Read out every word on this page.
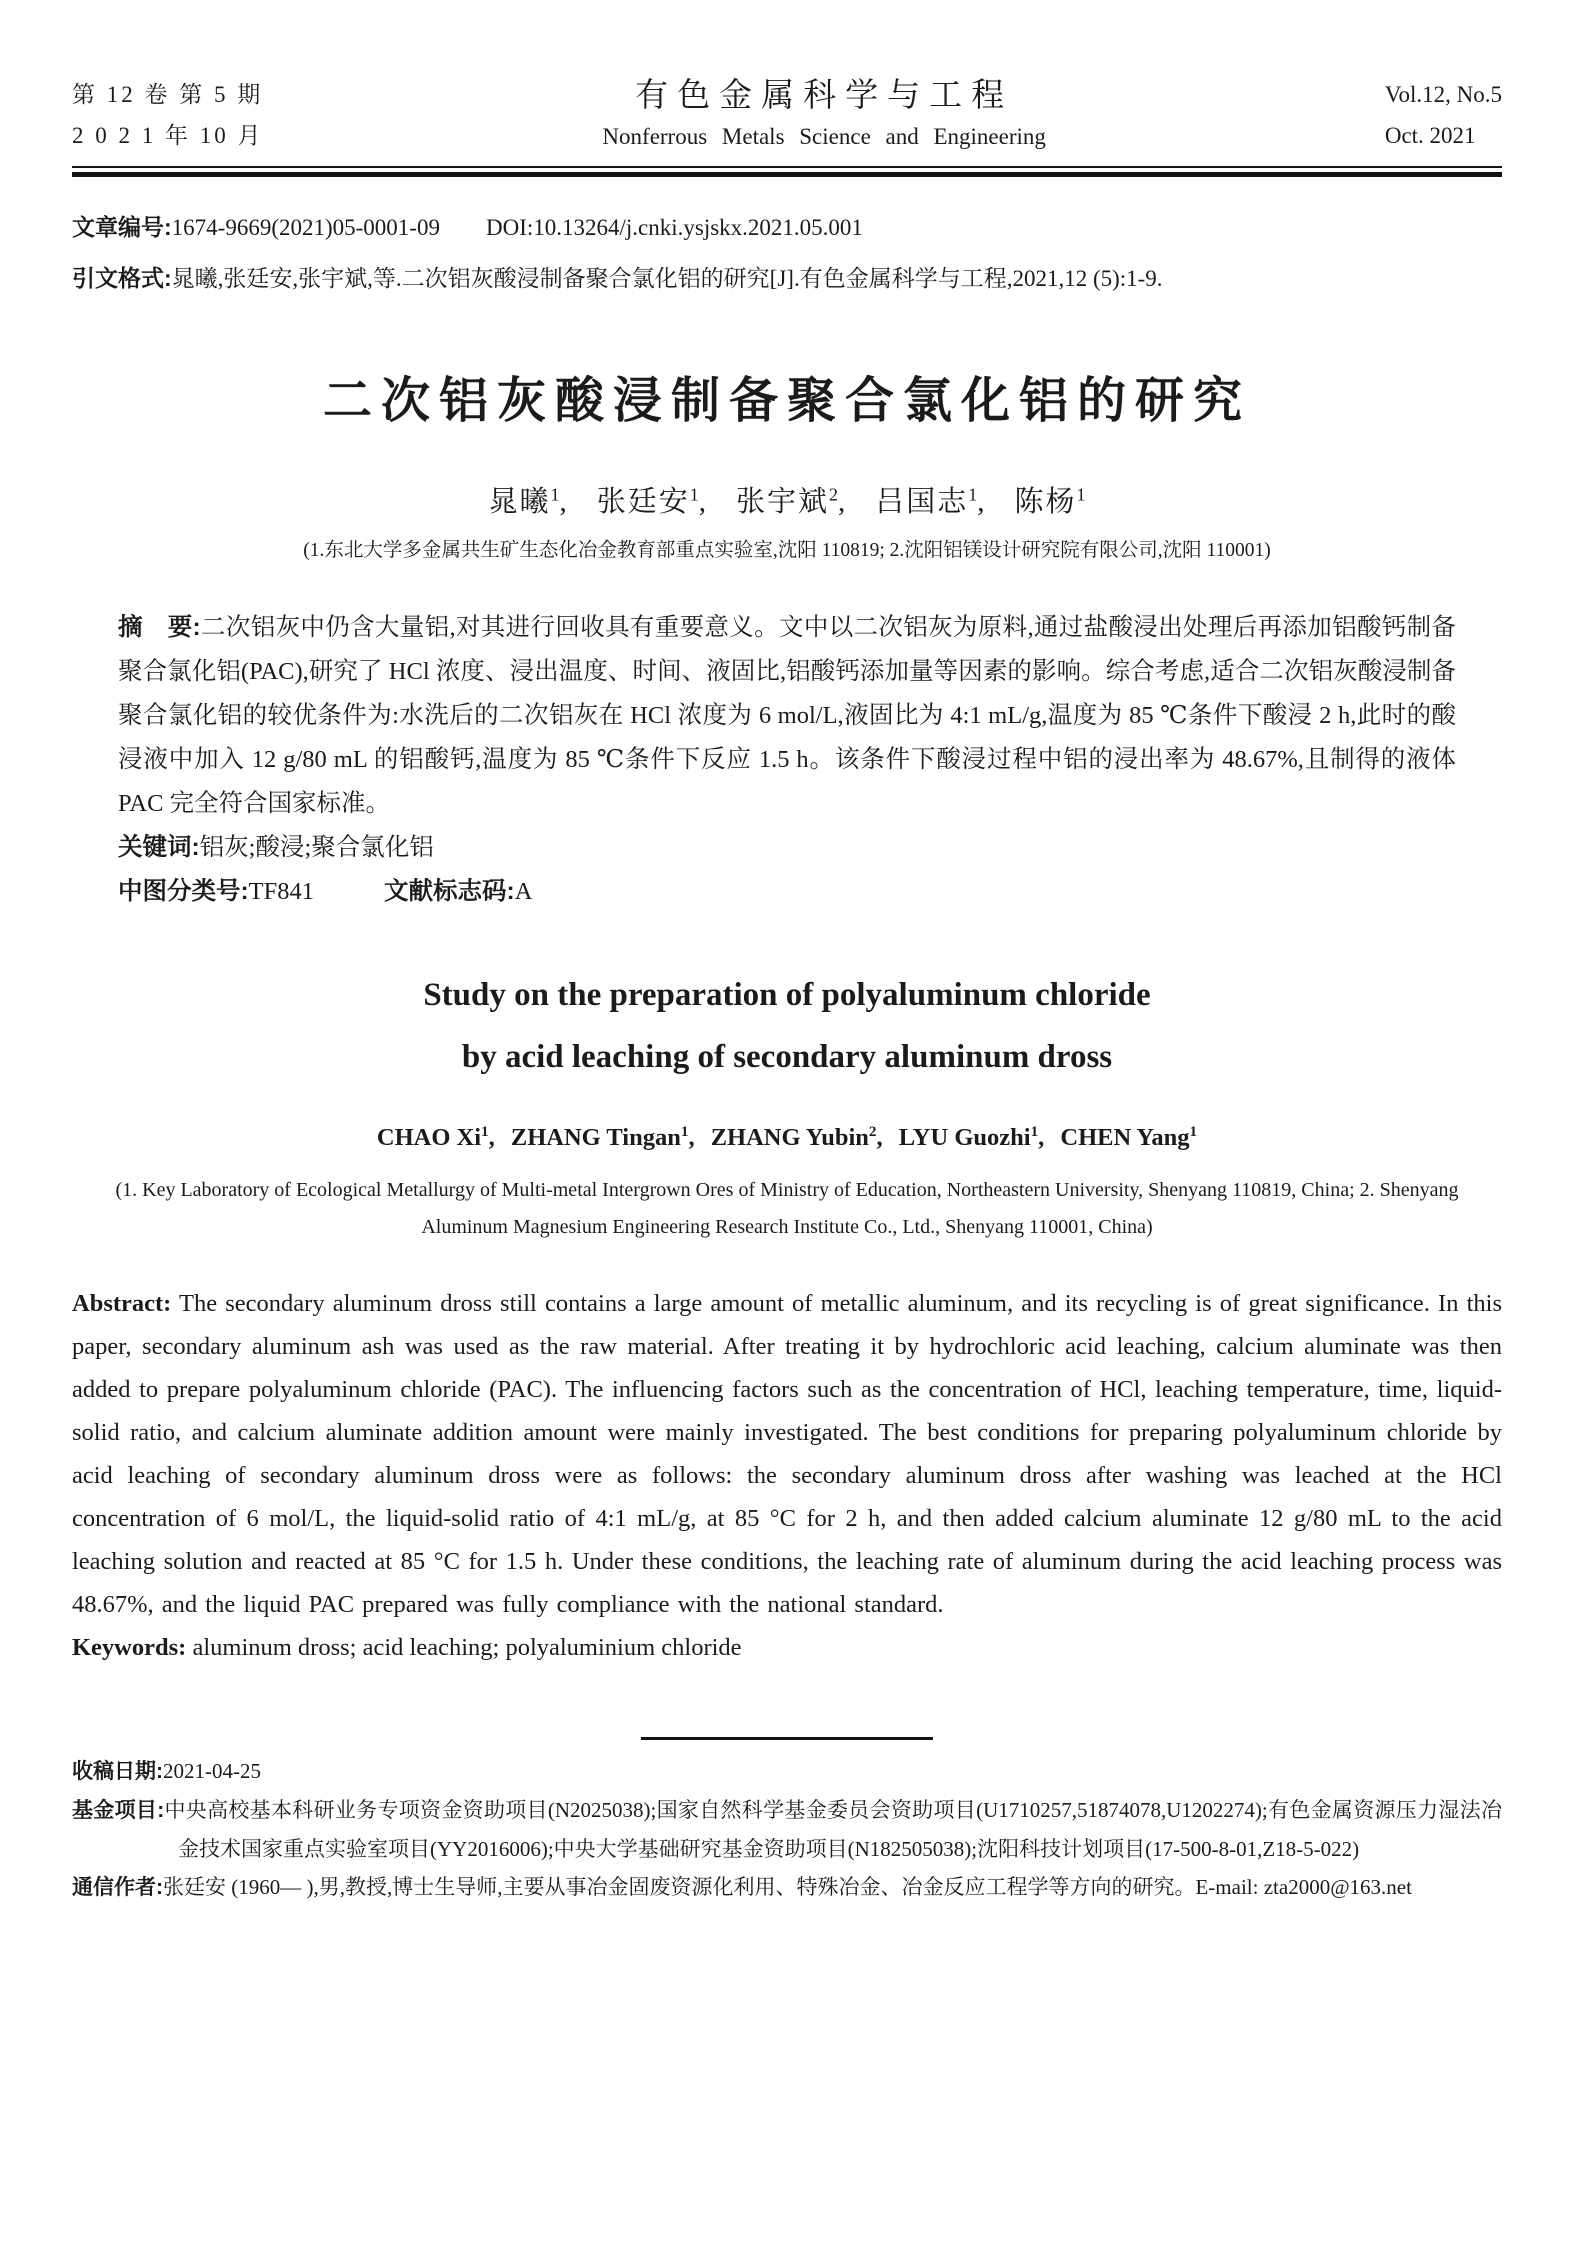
第 12 卷 第 5 期
2 0 2 1 年 10 月
有色金属科学与工程
Nonferrous Metals Science and Engineering
Vol.12, No.5
Oct. 2021
文章编号:1674-9669(2021)05-0001-09 DOI:10.13264/j.cnki.ysjskx.2021.05.001
引文格式:晁曦,张廷安,张宇斌,等.二次铝灰酸浸制备聚合氯化铝的研究[J].有色金属科学与工程,2021,12 (5):1-9.
二次铝灰酸浸制备聚合氯化铝的研究
晁曦$^1$ , 张廷安$^1$ , 张宇斌$^2$ , 吕国志$^1$ , 陈杨$^1$
(1.东北大学多金属共生矿生态化冶金教育部重点实验室,沈阳 110819; 2.沈阳铝镁设计研究院有限公司,沈阳 110001)

摘　要:二次铝灰中仍含大量铝,对其进行回收具有重要意义。文中以二次铝灰为原料,通过盐酸浸出处理后再添加铝酸钙制备聚合氯化铝(PAC),研究了 HCl 浓度、浸出温度、时间、液固比,铝酸钙添加量等因素的影响。综合考虑,适合二次铝灰酸浸制备聚合氯化铝的较优条件为:水洗后的二次铝灰在 HCl 浓度为 6 mol/L,液固比为 4:1 mL/g,温度为 85 ℃条件下酸浸 2 h,此时的酸浸液中加入 12 g/80 mL 的铝酸钙,温度为 85 ℃条件下反应 1.5 h。该条件下酸浸过程中铝的浸出率为 48.67%,且制得的液体 PAC 完全符合国家标准。

关键词:铝灰;酸浸;聚合氯化铝
中图分类号:TF841	文献标志码:A
Study on the preparation of polyaluminum chloride
by acid leaching of secondary aluminum dross
CHAO Xi$^1$ , ZHANG Tingan$^1$ , ZHANG Yubin$^2$ , LYU Guozhi$^1$ , CHEN Yang$^1$
(1. Key Laboratory of Ecological Metallurgy of Multi-metal Intergrown Ores of Ministry of Education, Northeastern University, Shenyang 110819, China; 2. Shenyang Aluminum Magnesium Engineering Research Institute Co., Ltd., Shenyang 110001, China)

Abstract: The secondary aluminum dross still contains a large amount of metallic aluminum, and its recycling is of great significance. In this paper, secondary aluminum ash was used as the raw material. After treating it by hydrochloric acid leaching, calcium aluminate was then added to prepare polyaluminum chloride (PAC). The influencing factors such as the concentration of HCl, leaching temperature, time, liquid-solid ratio, and calcium aluminate addition amount were mainly investigated. The best conditions for preparing polyaluminum chloride by acid leaching of secondary aluminum dross were as follows: the secondary aluminum dross after washing was leached at the HCl concentration of 6 mol/L, the liquid-solid ratio of 4:1 mL/g, at 85 °C for 2 h, and then added calcium aluminate 12 g/80 mL to the acid leaching solution and reacted at 85 °C for 1.5 h. Under these conditions, the leaching rate of aluminum during the acid leaching process was 48.67%, and the liquid PAC prepared was fully compliance with the national standard.

Keywords: aluminum dross; acid leaching; polyaluminium chloride
收稿日期:2021-04-25
基金项目:中央高校基本科研业务专项资金资助项目(N2025038);国家自然科学基金委员会资助项目(U1710257,51874078,U1202274);有色金属资源压力湿法冶金技术国家重点实验室项目(YY2016006);中央大学基础研究基金资助项目(N182505038);沈阳科技计划项目(17-500-8-01,Z18-5-022)
通信作者:张廷安 (1960— ),男,教授,博士生导师,主要从事冶金固废资源化利用、特殊冶金、冶金反应工程学等方向的研究。E-mail: zta2000@163.net
